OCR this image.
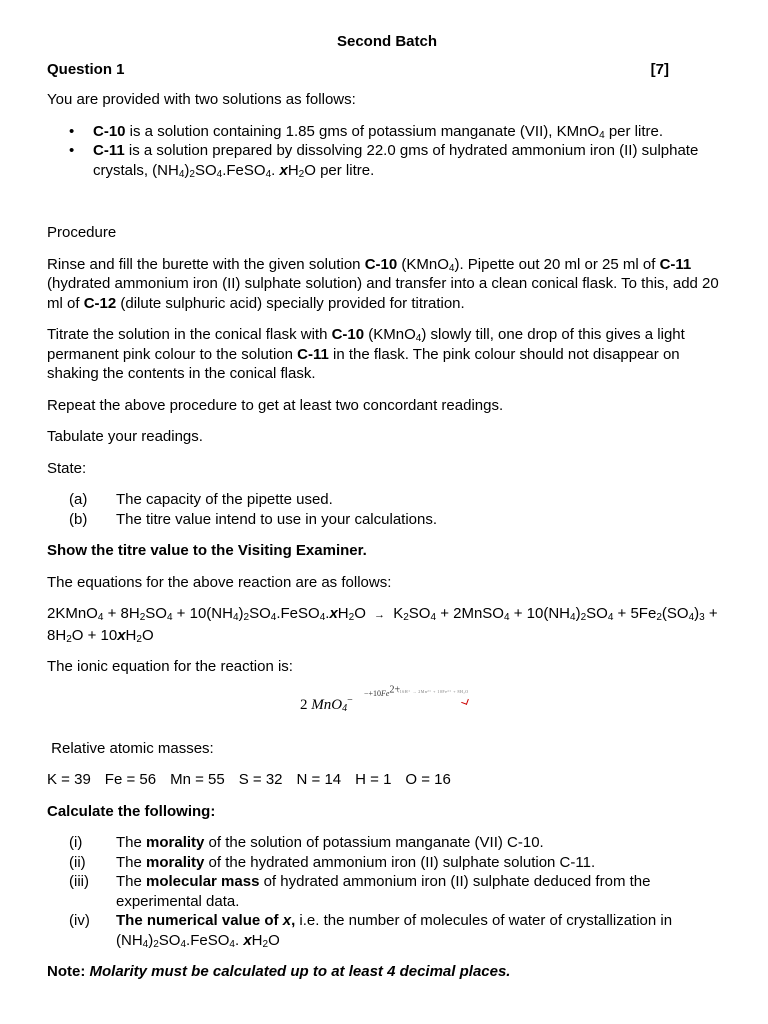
Second Batch
Question 1	[7]

You are provided with two solutions as follows:

• C-10 is a solution containing 1.85 gms of potassium manganate (VII), KMnO$_4$ per litre.
• C-11 is a solution prepared by dissolving 22.0 gms of hydrated ammonium iron (II) sulphate crystals, $(NH_4)_2SO_4.FeSO_4$. $xH_2O$ per litre.

Procedure

Rinse and fill the burette with the given solution C-10 (KMnO$_4$). Pipette out 20 ml or 25 ml of C-11 (hydrated ammonium iron (II) sulphate solution) and transfer into a clean conical flask. To this, add 20 ml of C-12 (dilute sulphuric acid) specially provided for titration.

Titrate the solution in the conical flask with C-10 (KMnO$_4$) slowly till, one drop of this gives a light permanent pink colour to the solution C-11 in the flask. The pink colour should not disappear on shaking the contents in the conical flask.

Repeat the above procedure to get at least two concordant readings.

Tabulate your readings.

State:

(a)	The capacity of the pipette used.
(b)	The titre value intend to use in your calculations.

Show the titre value to the Visiting Examiner.

The equations for the above reaction are as follows:

2KMnO$_4$ + $8H_2SO_4$ + $10(NH_4)_2SO_4.FeSO_4.xH_2O \to K_2SO_4$ + 2MnSO$_4$ + $10(NH_4)_2SO_4 + 5Fe_2(SO_4)_3 + 8H_2O + 10xH_2O$

The ionic equation for the reaction is:

2 MnO$_4$−
$-+10Fe^{2+}$
+16H⁺ → 2Mn²⁺ + 10Fe³⁺ + 8H₂O

Relative atomic masses:

K = 39 Fe = 56 Mn = 55 S = 32 N = 14 H = 1 O = 16

Calculate the following:

(i)	The morality of the solution of potassium manganate (VII) C-10.
(ii)	The morality of the hydrated ammonium iron (II) sulphate solution C-11.
(iii)	The molecular mass of hydrated ammonium iron (II) sulphate deduced from the experimental data.
(iv)	The numerical value of x, i.e. the number of molecules of water of crystallization in $(NH_4)_2SO_4.FeSO_4$. $xH_2O$

Note: Molarity must be calculated up to at least 4 decimal places.
